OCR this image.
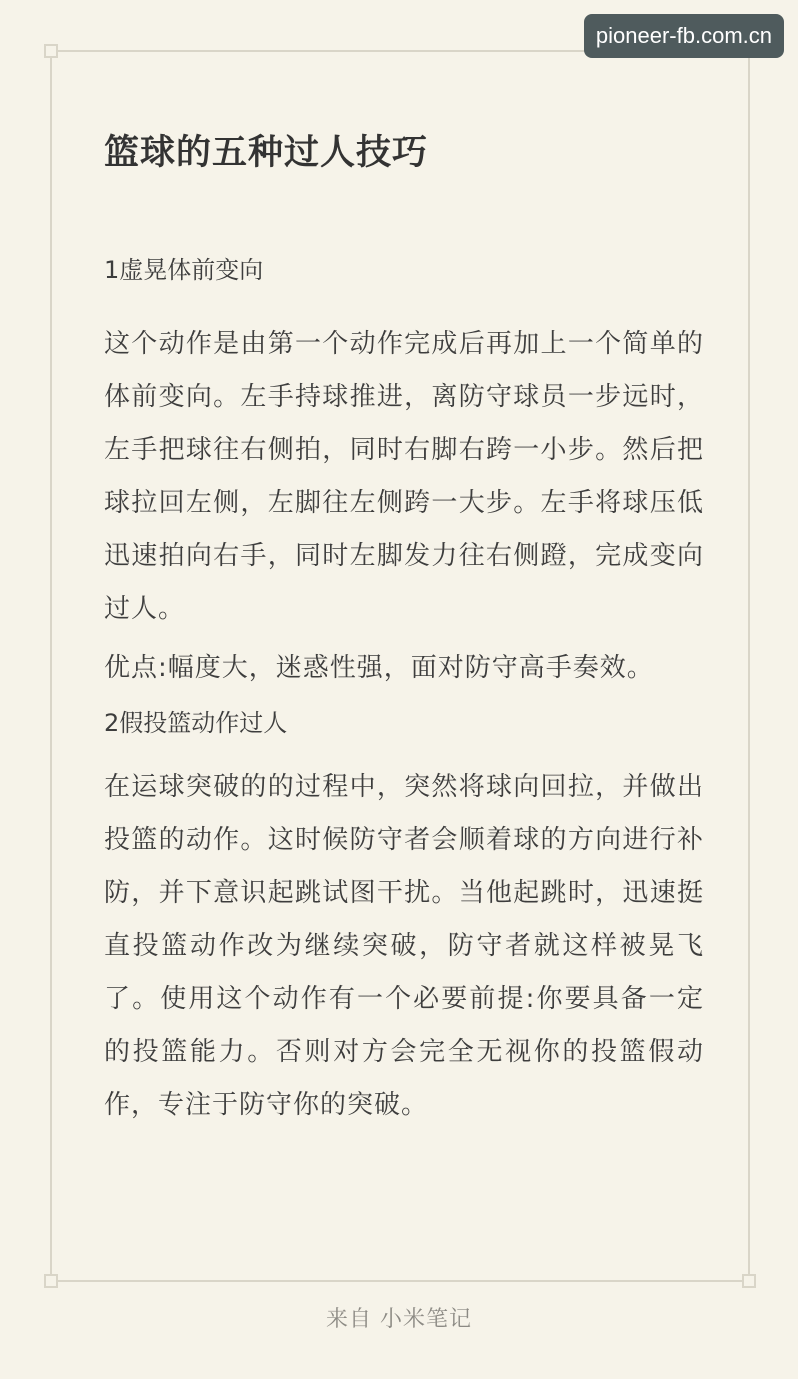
pioneer-fb.com.cn
篮球的五种过人技巧

1虚晃体前变向

这个动作是由第一个动作完成后再加上一个简单的体前变向。左手持球推进，离防守球员一步远时，左手把球往右侧拍，同时右脚右跨一小步。然后把球拉回左侧，左脚往左侧跨一大步。左手将球压低迅速拍向右手，同时左脚发力往右侧蹬，完成变向过人。

优点:幅度大，迷惑性强，面对防守高手奏效。

2假投篮动作过人

在运球突破的的过程中，突然将球向回拉，并做出投篮的动作。这时候防守者会顺着球的方向进行补防，并下意识起跳试图干扰。当他起跳时，迅速挺直投篮动作改为继续突破，防守者就这样被晃飞了。使用这个动作有一个必要前提:你要具备一定的投篮能力。否则对方会完全无视你的投篮假动作，专注于防守你的突破。

来自 小米笔记
